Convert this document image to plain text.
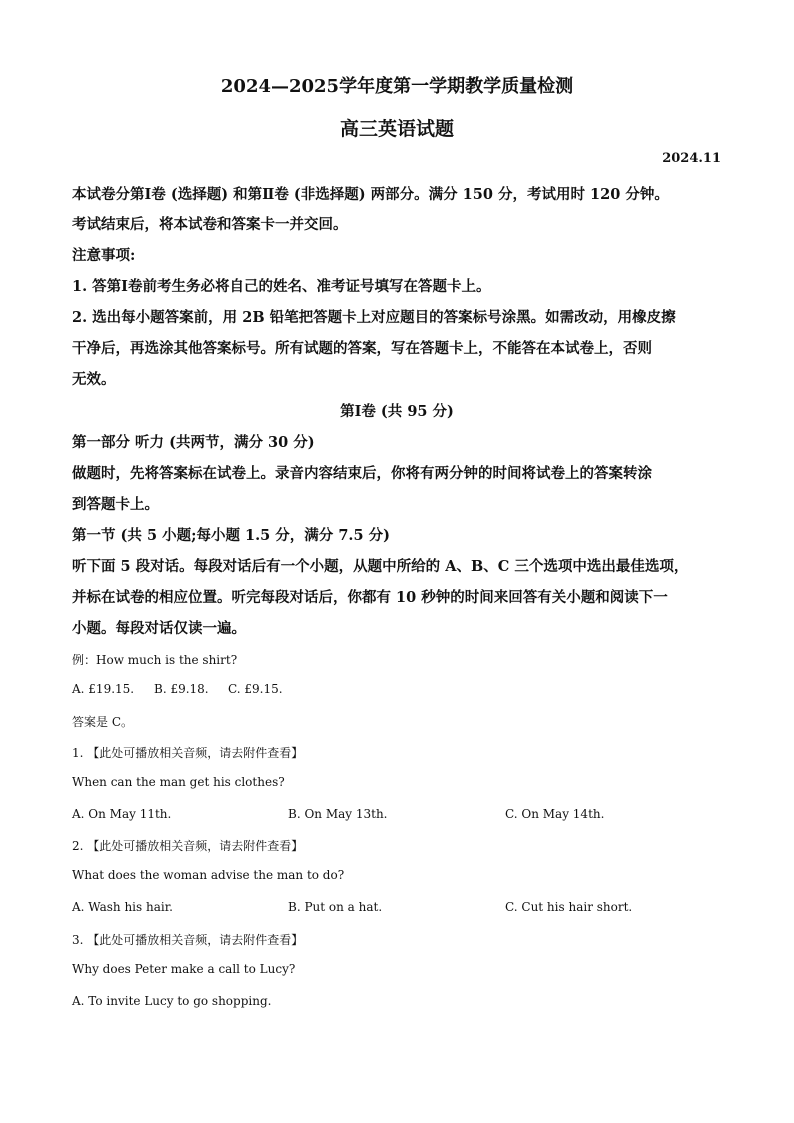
2024—2025学年度第一学期教学质量检测
高三英语试题
2024.11
本试卷分第Ⅰ卷 (选择题) 和第Ⅱ卷 (非选择题) 两部分。满分 150 分，考试用时 120 分钟。
考试结束后，将本试卷和答案卡一并交回。
注意事项:
1. 答第Ⅰ卷前考生务必将自己的姓名、准考证号填写在答题卡上。
2. 选出每小题答案前，用 2B 铅笔把答题卡上对应题目的答案标号涂黑。如需改动，用橡皮擦
干净后，再选涂其他答案标号。所有试题的答案，写在答题卡上，不能答在本试卷上，否则
无效。
第Ⅰ卷 (共 95 分)
第一部分 听力 (共两节，满分 30 分)
做题时，先将答案标在试卷上。录音内容结束后，你将有两分钟的时间将试卷上的答案转涂
到答题卡上。
第一节 (共 5 小题;每小题 1.5 分，满分 7.5 分)
听下面 5 段对话。每段对话后有一个小题，从题中所给的 A、B、C 三个选项中选出最佳选项，
并标在试卷的相应位置。听完每段对话后，你都有 10 秒钟的时间来回答有关小题和阅读下一
小题。每段对话仅读一遍。
例：How much is the shirt?
A. £19.15. B. £9.18. C. £9.15.
答案是 C。
1. 【此处可播放相关音频，请去附件查看】
When can the man get his clothes?
A. On May 11th.	B. On May 13th.	C. On May 14th.
2. 【此处可播放相关音频，请去附件查看】
What does the woman advise the man to do?
A. Wash his hair.	B. Put on a hat.	C. Cut his hair short.
3. 【此处可播放相关音频，请去附件查看】
Why does Peter make a call to Lucy?
A. To invite Lucy to go shopping.
